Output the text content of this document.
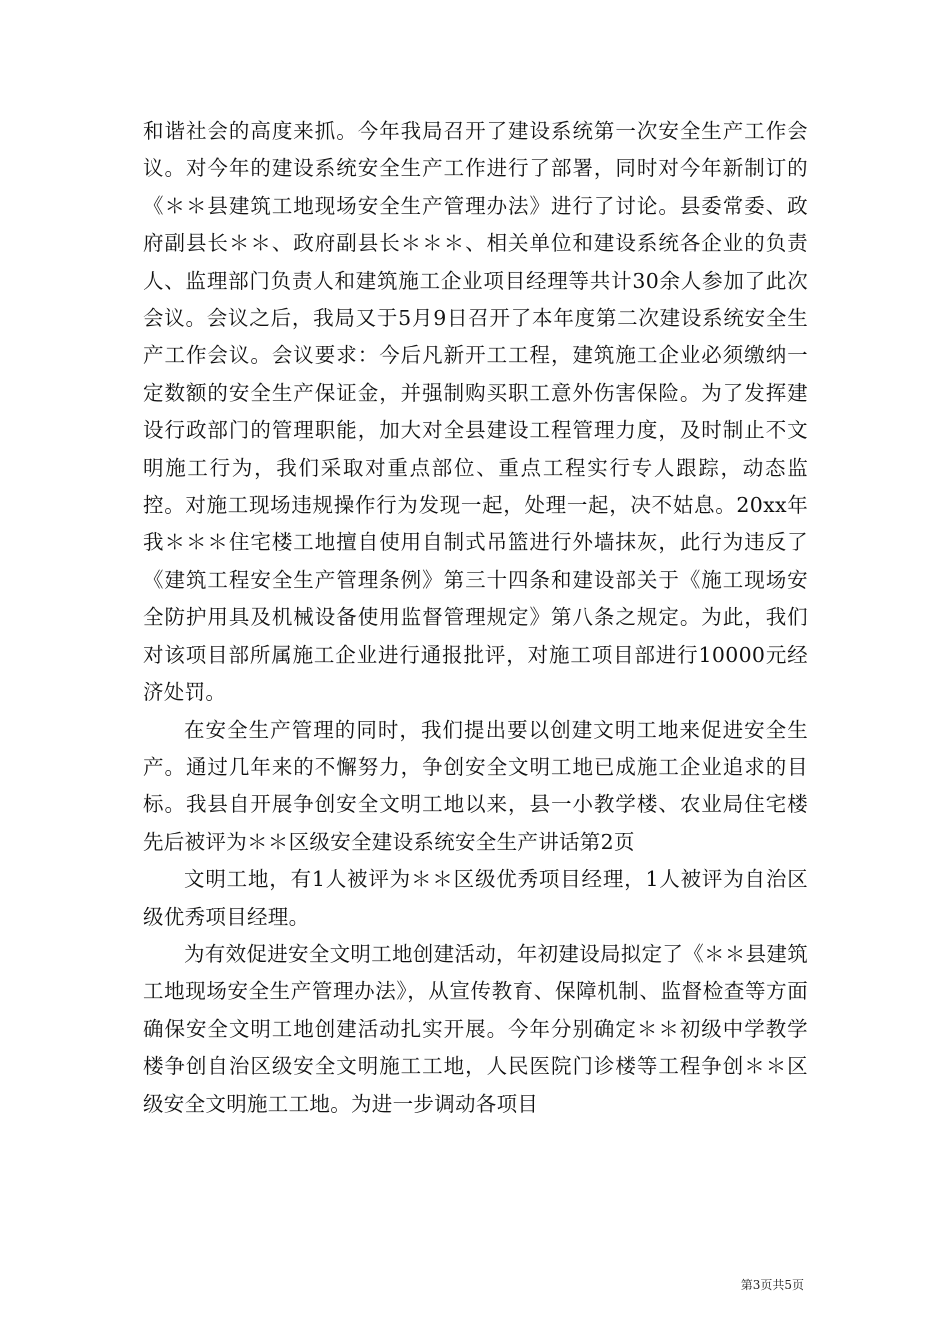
和谐社会的高度来抓。今年我局召开了建设系统第一次安全生产工作会议。对今年的建设系统安全生产工作进行了部署，同时对今年新制订的《＊＊县建筑工地现场安全生产管理办法》进行了讨论。县委常委、政府副县长＊＊、政府副县长＊＊＊、相关单位和建设系统各企业的负责人、监理部门负责人和建筑施工企业项目经理等共计30余人参加了此次会议。会议之后，我局又于5月9日召开了本年度第二次建设系统安全生产工作会议。会议要求：今后凡新开工工程，建筑施工企业必须缴纳一定数额的安全生产保证金，并强制购买职工意外伤害保险。为了发挥建设行政部门的管理职能，加大对全县建设工程管理力度，及时制止不文明施工行为，我们采取对重点部位、重点工程实行专人跟踪，动态监控。对施工现场违规操作行为发现一起，处理一起，决不姑息。20xx年我＊＊＊住宅楼工地擅自使用自制式吊篮进行外墙抹灰，此行为违反了《建筑工程安全生产管理条例》第三十四条和建设部关于《施工现场安全防护用具及机械设备使用监督管理规定》第八条之规定。为此，我们对该项目部所属施工企业进行通报批评，对施工项目部进行10000元经济处罚。

在安全生产管理的同时，我们提出要以创建文明工地来促进安全生产。通过几年来的不懈努力，争创安全文明工地已成施工企业追求的目标。我县自开展争创安全文明工地以来，县一小教学楼、农业局住宅楼先后被评为＊＊区级安全建设系统安全生产讲话第2页

文明工地，有1人被评为＊＊区级优秀项目经理，1人被评为自治区级优秀项目经理。

为有效促进安全文明工地创建活动，年初建设局拟定了《＊＊县建筑工地现场安全生产管理办法》，从宣传教育、保障机制、监督检查等方面确保安全文明工地创建活动扎实开展。今年分别确定＊＊初级中学教学楼争创自治区级安全文明施工工地，人民医院门诊楼等工程争创＊＊区级安全文明施工工地。为进一步调动各项目

第3页共5页
